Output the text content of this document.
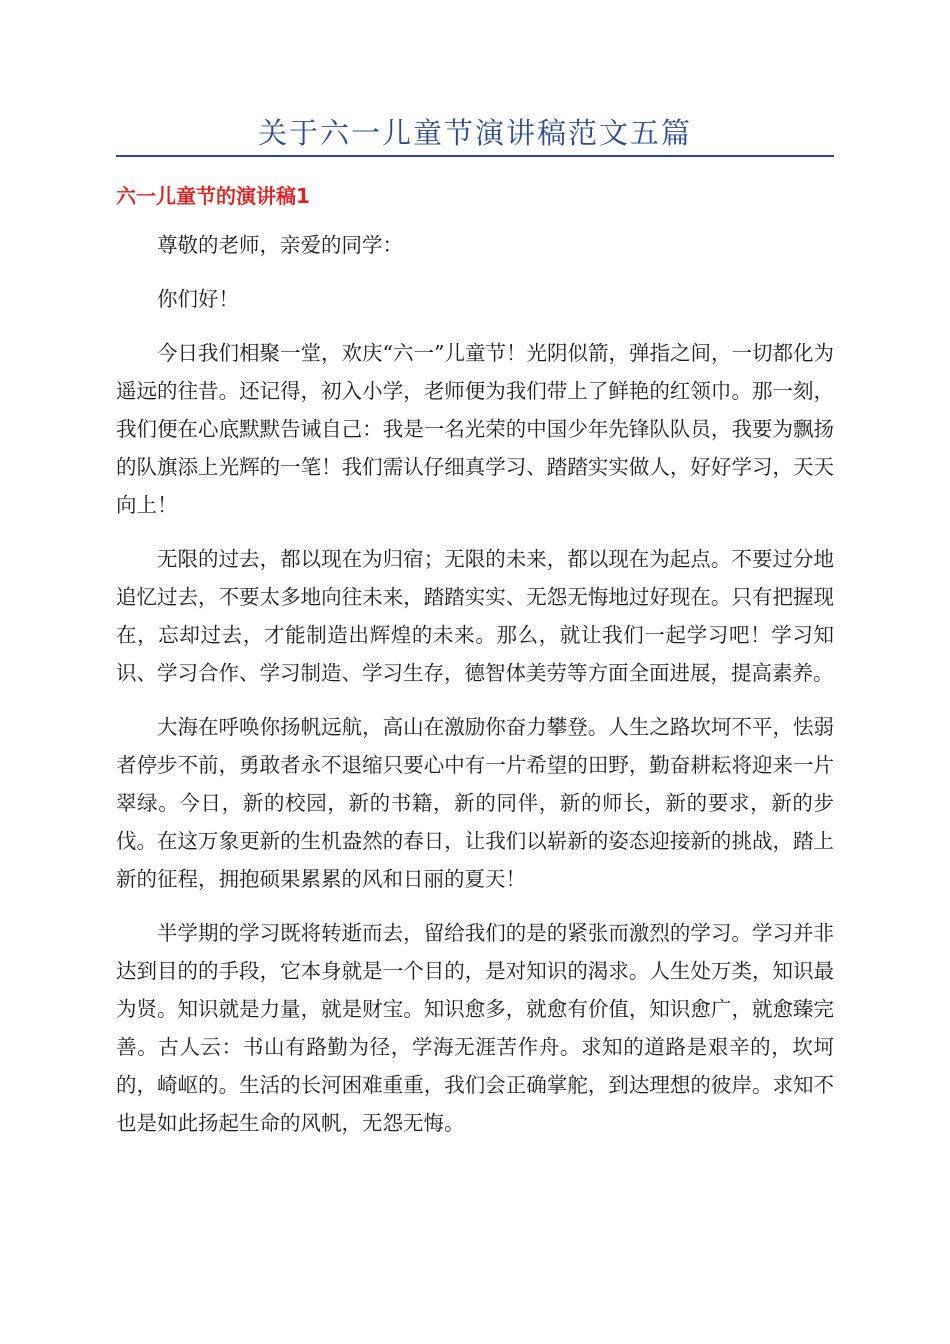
关于六一儿童节演讲稿范文五篇
六一儿童节的演讲稿1

尊敬的老师，亲爱的同学：

你们好！

今日我们相聚一堂，欢庆“六一”儿童节！光阴似箭，弹指之间，一切都化为遥远的往昔。还记得，初入小学，老师便为我们带上了鲜艳的红领巾。那一刻，我们便在心底默默告诫自己：我是一名光荣的中国少年先锋队队员，我要为飘扬的队旗添上光辉的一笔！我们需认仔细真学习、踏踏实实做人，好好学习，天天向上！

无限的过去，都以现在为归宿；无限的未来，都以现在为起点。不要过分地追忆过去，不要太多地向往未来，踏踏实实、无怨无悔地过好现在。只有把握现在，忘却过去，才能制造出辉煌的未来。那么，就让我们一起学习吧！学习知识、学习合作、学习制造、学习生存，德智体美劳等方面全面进展，提高素养。

大海在呼唤你扬帆远航，高山在激励你奋力攀登。人生之路坎坷不平，怯弱者停步不前，勇敢者永不退缩只要心中有一片希望的田野，勤奋耕耘将迎来一片翠绿。今日，新的校园，新的书籍，新的同伴，新的师长，新的要求，新的步伐。在这万象更新的生机盎然的春日，让我们以崭新的姿态迎接新的挑战，踏上新的征程，拥抱硕果累累的风和日丽的夏天！

半学期的学习既将转逝而去，留给我们的是的紧张而激烈的学习。学习并非达到目的的手段，它本身就是一个目的，是对知识的渴求。人生处万类，知识最为贤。知识就是力量，就是财宝。知识愈多，就愈有价值，知识愈广，就愈臻完善。古人云：书山有路勤为径，学海无涯苦作舟。求知的道路是艰辛的，坎坷的，崎岖的。生活的长河困难重重，我们会正确掌舵，到达理想的彼岸。求知不也是如此扬起生命的风帆，无怨无悔。
